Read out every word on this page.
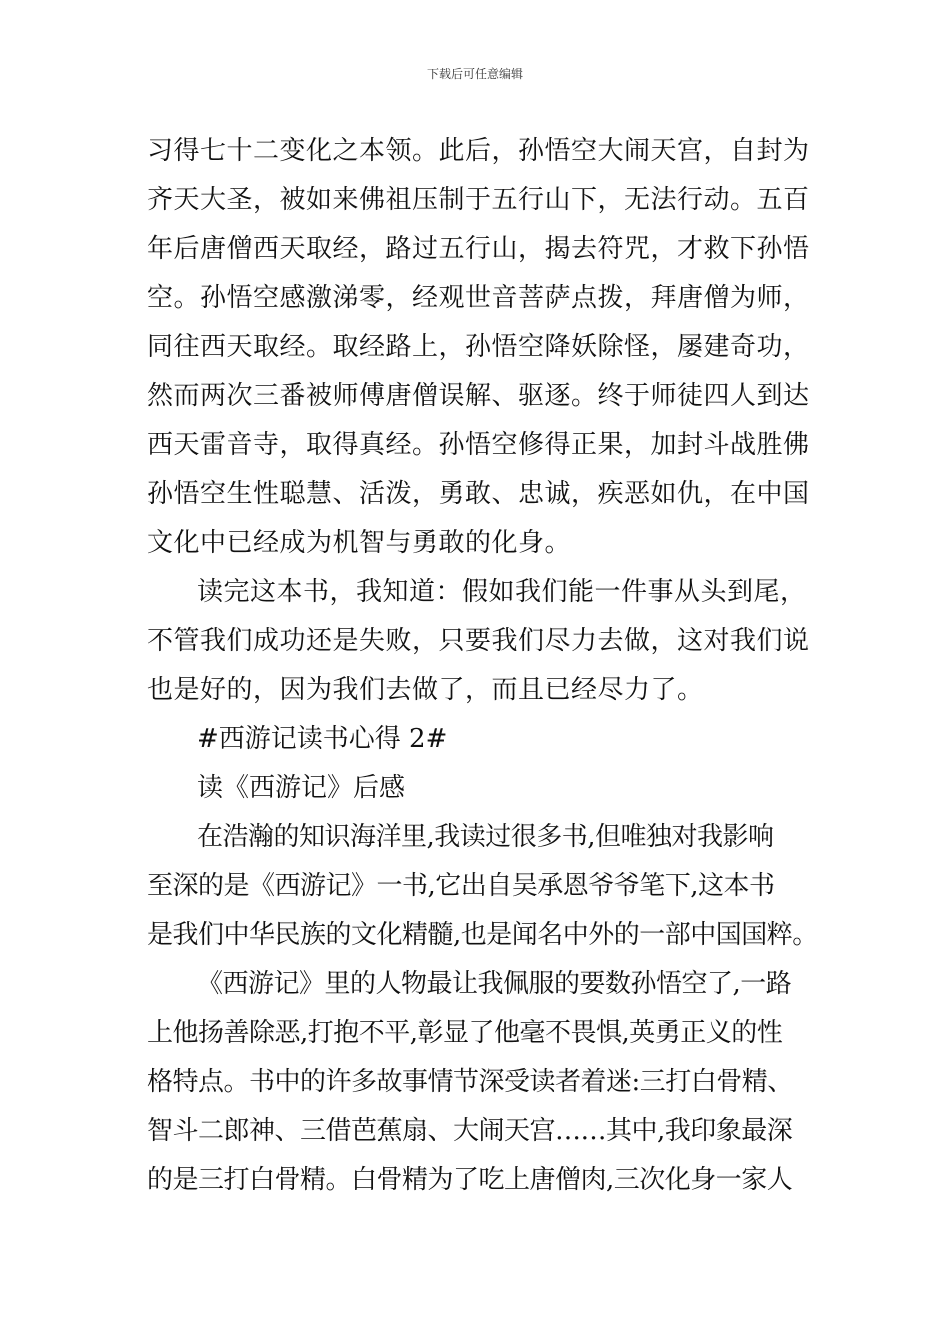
下载后可任意编辑
习得七十二变化之本领。此后，孙悟空大闹天宫，自封为
齐天大圣，被如来佛祖压制于五行山下，无法行动。五百
年后唐僧西天取经，路过五行山，揭去符咒，才救下孙悟
空。孙悟空感激涕零，经观世音菩萨点拨，拜唐僧为师，
同往西天取经。取经路上，孙悟空降妖除怪，屡建奇功，
然而两次三番被师傅唐僧误解、驱逐。终于师徒四人到达
西天雷音寺，取得真经。孙悟空修得正果，加封斗战胜佛
孙悟空生性聪慧、活泼，勇敢、忠诚，疾恶如仇，在中国
文化中已经成为机智与勇敢的化身。
读完这本书，我知道：假如我们能一件事从头到尾，
不管我们成功还是失败，只要我们尽力去做，这对我们说
也是好的，因为我们去做了，而且已经尽力了。
#西游记读书心得 2#
读《西游记》后感
在浩瀚的知识海洋里,我读过很多书,但唯独对我影响
至深的是《西游记》一书,它出自吴承恩爷爷笔下,这本书
是我们中华民族的文化精髓,也是闻名中外的一部中国国粹。
《西游记》里的人物最让我佩服的要数孙悟空了,一路
上他扬善除恶,打抱不平,彰显了他毫不畏惧,英勇正义的性
格特点。书中的许多故事情节深受读者着迷:三打白骨精、
智斗二郎神、三借芭蕉扇、大闹天宫……其中,我印象最深
的是三打白骨精。白骨精为了吃上唐僧肉,三次化身一家人
